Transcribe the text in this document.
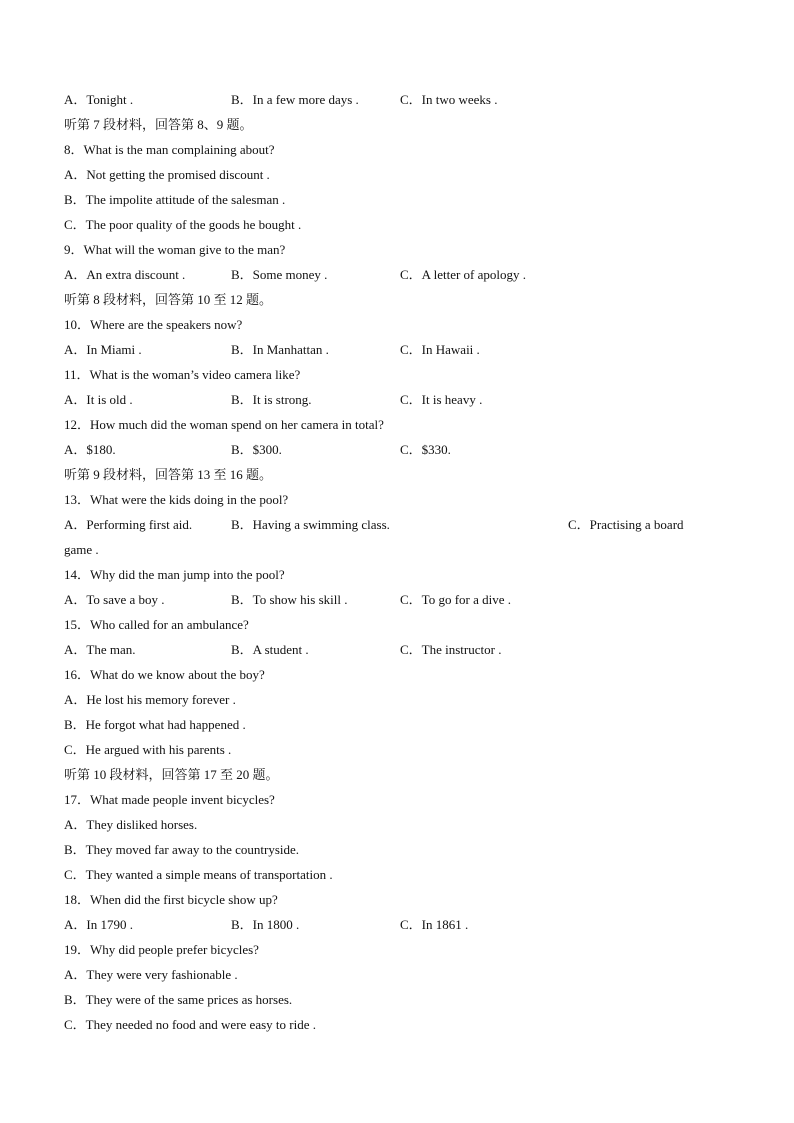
A．Tonight .	B．In a few more days .	C．In two weeks .
听第 7 段材料，回答第 8、9 题。
8．What is the man complaining about?
A．Not getting the promised discount .
B．The impolite attitude of the salesman .
C．The poor quality of the goods he bought .
9．What will the woman give to the man?
A．An extra discount .	B．Some money .	C．A letter of apology .
听第 8 段材料，回答第 10 至 12 题。
10．Where are the speakers now?
A．In Miami .	B．In Manhattan .	C．In Hawaii .
11．What is the woman’s video camera like?
A．It is old .	B．It is strong.	C．It is heavy .
12．How much did the woman spend on her camera in total?
A．$180.	B．$300.	C．$330.
听第 9 段材料，回答第 13 至 16 题。
13．What were the kids doing in the pool?
A．Performing first aid.	B．Having a swimming class.	C．Practising a board
game .
14．Why did the man jump into the pool?
A．To save a boy .	B．To show his skill .	C．To go for a dive .
15．Who called for an ambulance?
A．The man.	B．A student .	C．The instructor .
16．What do we know about the boy?
A．He lost his memory forever .
B．He forgot what had happened .
C．He argued with his parents .
听第 10 段材料，回答第 17 至 20 题。
17．What made people invent bicycles?
A．They disliked horses.
B．They moved far away to the countryside.
C．They wanted a simple means of transportation .
18．When did the first bicycle show up?
A．In 1790 .	B．In 1800 .	C．In 1861 .
19．Why did people prefer bicycles?
A．They were very fashionable .
B．They were of the same prices as horses.
C．They needed no food and were easy to ride .
